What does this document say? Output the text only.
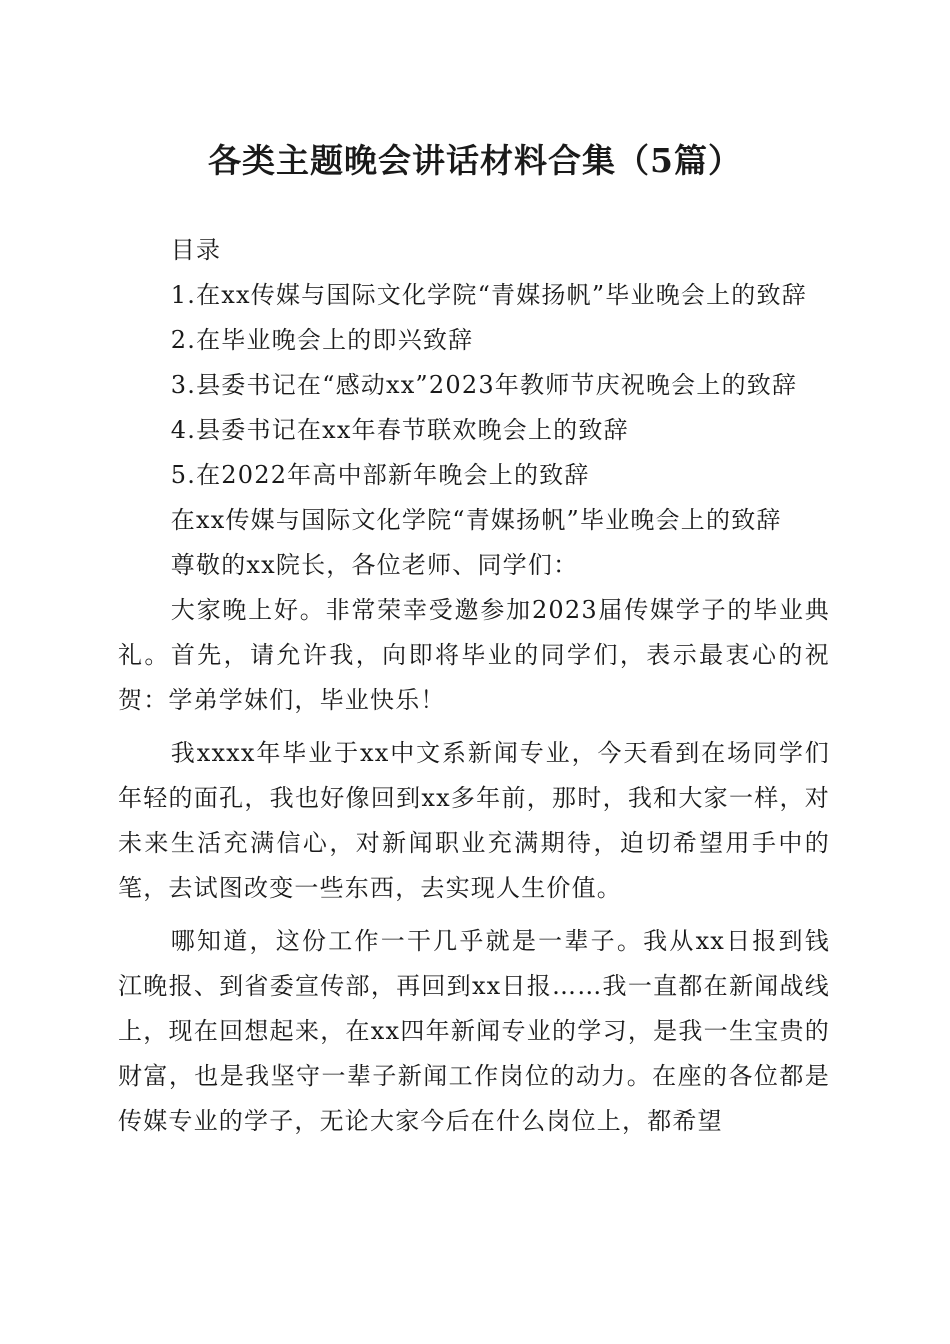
各类主题晚会讲话材料合集（5篇）

目录

1.在xx传媒与国际文化学院“青媒扬帆”毕业晚会上的致辞

2.在毕业晚会上的即兴致辞

3.县委书记在“感动xx”2023年教师节庆祝晚会上的致辞

4.县委书记在xx年春节联欢晚会上的致辞

5.在2022年高中部新年晚会上的致辞

在xx传媒与国际文化学院“青媒扬帆”毕业晚会上的致辞

尊敬的xx院长，各位老师、同学们：

大家晚上好。非常荣幸受邀参加2023届传媒学子的毕业典礼。首先，请允许我，向即将毕业的同学们，表示最衷心的祝贺：学弟学妹们，毕业快乐！

我xxxx年毕业于xx中文系新闻专业，今天看到在场同学们年轻的面孔，我也好像回到xx多年前，那时，我和大家一样，对未来生活充满信心，对新闻职业充满期待，迫切希望用手中的笔，去试图改变一些东西，去实现人生价值。

哪知道，这份工作一干几乎就是一辈子。我从xx日报到钱江晚报、到省委宣传部，再回到xx日报……我一直都在新闻战线上，现在回想起来，在xx四年新闻专业的学习，是我一生宝贵的财富，也是我坚守一辈子新闻工作岗位的动力。在座的各位都是传媒专业的学子，无论大家今后在什么岗位上，都希望
